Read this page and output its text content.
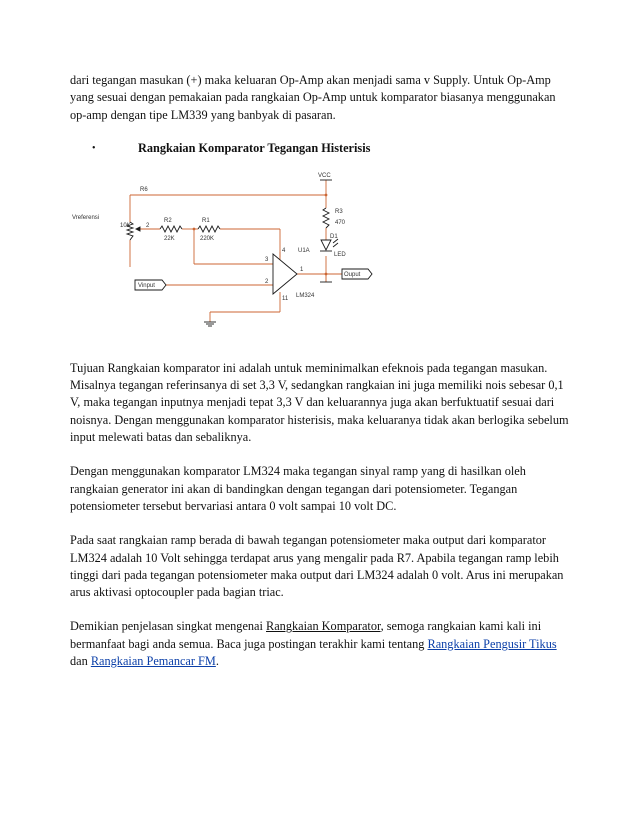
dari tegangan masukan (+) maka keluaran Op-Amp akan menjadi sama v Supply. Untuk Op-Amp yang sesuai dengan pemakaian pada rangkaian Op-Amp untuk komparator biasanya menggunakan op-amp dengan tipe LM339 yang banbyak di pasaran.

•	Rangkaian Komparator Tegangan Histerisis
VCC
R6
Vreferensi
10K	2
R2
22K
R1
220K
R3
470
D1
LED
U1A
LM324
Vinput
Ouput
3
2
1
4
11

Tujuan Rangkaian komparator ini adalah untuk meminimalkan efeknois pada tegangan masukan. Misalnya tegangan referinsanya di set 3,3 V, sedangkan rangkaian ini juga memiliki nois sebesar 0,1 V, maka tegangan inputnya menjadi tepat 3,3 V dan keluarannya juga akan berfuktuatif sesuai dari noisnya. Dengan menggunakan komparator histerisis, maka keluaranya tidak akan berlogika sebelum input melewati batas dan sebaliknya.

Dengan menggunakan komparator LM324 maka tegangan sinyal ramp yang di hasilkan oleh rangkaian generator ini akan di bandingkan dengan tegangan dari potensiometer. Tegangan potensiometer tersebut bervariasi antara 0 volt sampai 10 volt DC.

Pada saat rangkaian ramp berada di bawah tegangan potensiometer maka output dari komparator LM324 adalah 10 Volt sehingga terdapat arus yang mengalir pada R7. Apabila tegangan ramp lebih tinggi dari pada tegangan potensiometer maka output dari LM324 adalah 0 volt. Arus ini merupakan arus aktivasi optocoupler pada bagian triac.

Demikian penjelasan singkat mengenai Rangkaian Komparator, semoga rangkaian kami kali ini bermanfaat bagi anda semua. Baca juga postingan terakhir kami tentang Rangkaian Pengusir Tikus dan Rangkaian Pemancar FM.
